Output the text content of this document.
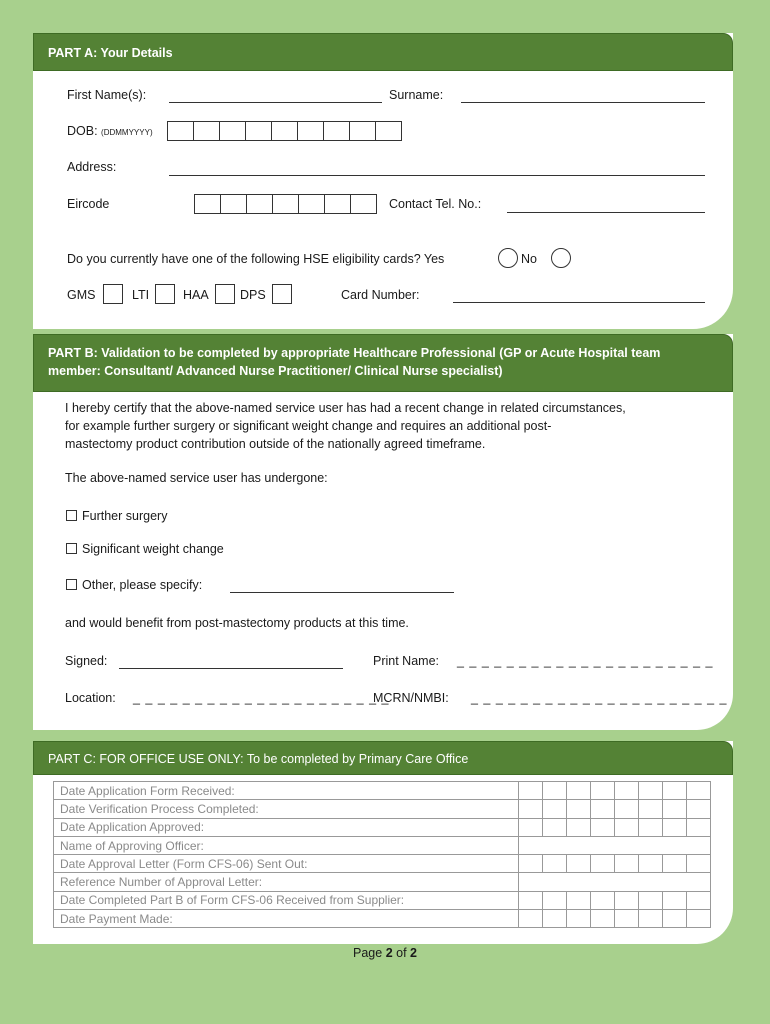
PART A: Your Details
First Name(s):	Surname:
DOB: (DDMMYYYY)
Address:
Eircode	Contact Tel. No.:
Do you currently have one of the following HSE eligibility cards? Yes	No
GMS	LTI	HAA	DPS	Card Number:
PART B: Validation to be completed by appropriate Healthcare Professional (GP or Acute Hospital team
member: Consultant/ Advanced Nurse Practitioner/ Clinical Nurse specialist)
I hereby certify that the above-named service user has had a recent change in related circumstances,
for example further surgery or significant weight change and requires an additional post-
mastectomy product contribution outside of the nationally agreed timeframe.
The above-named service user has undergone:
Further surgery
Significant weight change
Other, please specify:
and would benefit from post-mastectomy products at this time.
Signed:	Print Name: _ _ _ _ _ _ _ _ _ _ _ _ _ _ _ _ _ _ _ _ _
Location: _ _ _ _ _ _ _ _ _ _ _ _ _ _ _ _ _ _ _ _ _
MCRN/NMBI: _ _ _ _ _ _ _ _ _ _ _ _ _ _ _ _ _ _ _ _ _
PART C: FOR OFFICE USE ONLY: To be completed by Primary Care Office
Date Application Form Received:								
Date Verification Process Completed:								
Date Application Approved:								
Name of Approving Officer:								
Date Approval Letter (Form CFS-06) Sent Out:								
Reference Number of Approval Letter:								
Date Completed Part B of Form CFS-06 Received from Supplier:								
Date Payment Made:								
Page 2 of 2
